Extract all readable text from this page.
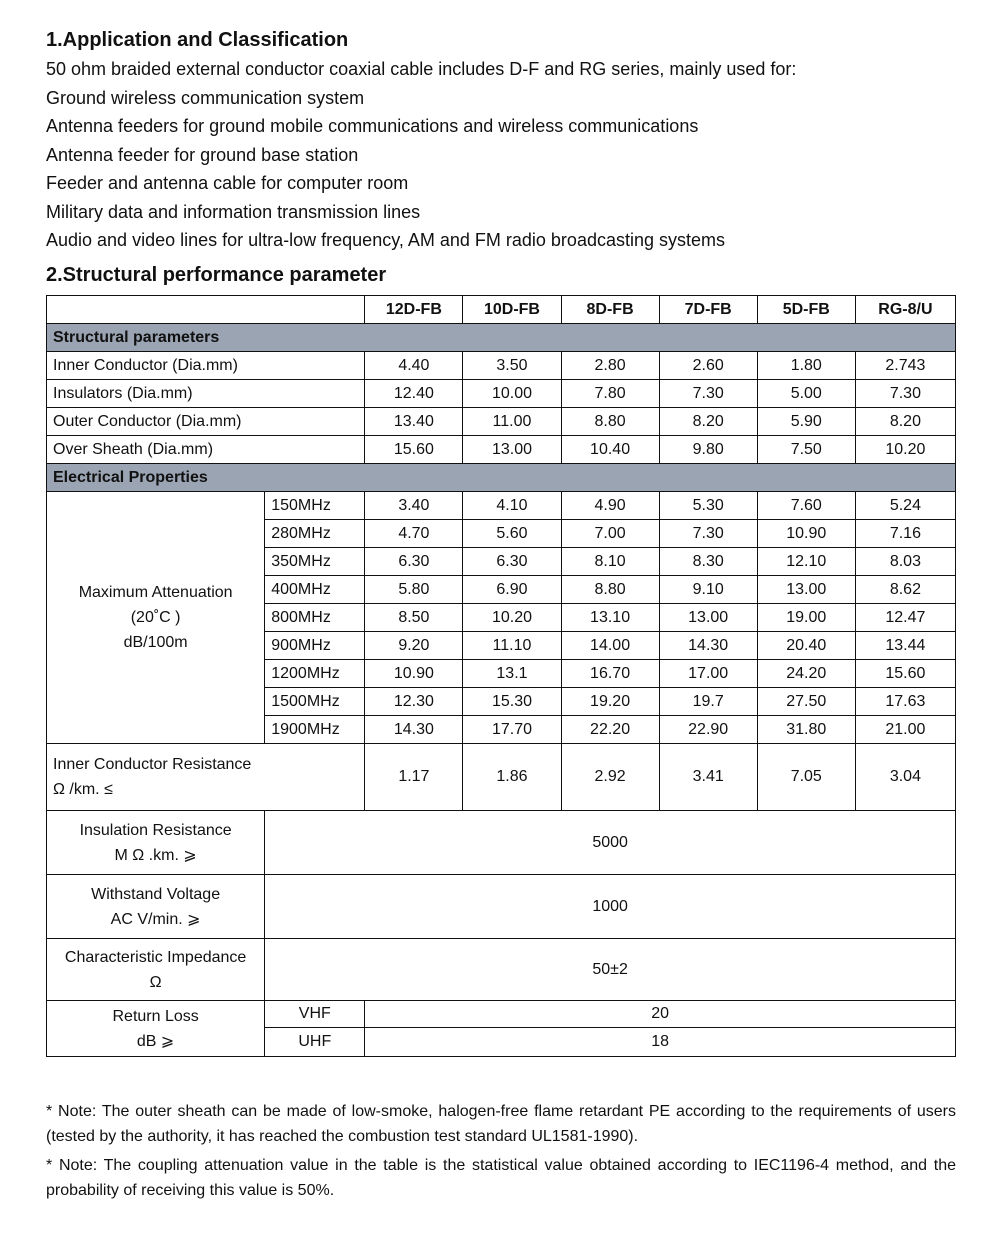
1.Application and Classification
50 ohm braided external conductor coaxial cable includes D-F and RG series, mainly used for:
Ground wireless communication system
Antenna feeders for ground mobile communications and wireless communications
Antenna feeder for ground base station
Feeder and antenna cable for computer room
Military data and information transmission lines
Audio and video lines for ultra-low frequency, AM and FM radio broadcasting systems
2.Structural performance parameter
		12D-FB	10D-FB	8D-FB	7D-FB	5D-FB	RG-8/U
Structural parameters							
Inner Conductor (Dia.mm)		4.40	3.50	2.80	2.60	1.80	2.743
Insulators (Dia.mm)		12.40	10.00	7.80	7.30	5.00	7.30
Outer Conductor (Dia.mm)		13.40	11.00	8.80	8.20	5.90	8.20
Over Sheath (Dia.mm)		15.60	13.00	10.40	9.80	7.50	10.20
Electrical Properties							

Maximum Attenuation
(20˚C )
dB/100m	150MHz	3.40	4.10	4.90	5.30	7.60	5.24
	280MHz	4.70	5.60	7.00	7.30	10.90	7.16
	350MHz	6.30	6.30	8.10	8.30	12.10	8.03
	400MHz	5.80	6.90	8.80	9.10	13.00	8.62
	800MHz	8.50	10.20	13.10	13.00	19.00	12.47
	900MHz	9.20	11.10	14.00	14.30	20.40	13.44
	1200MHz	10.90	13.1	16.70	17.00	24.20	15.60
	1500MHz	12.30	15.30	19.20	19.7	27.50	17.63
	1900MHz	14.30	17.70	22.20	22.90	31.80	21.00

Inner Conductor Resistance
Ω /km. ≤		1.17	1.86	2.92	3.41	7.05	3.04

Insulation Resistance
M Ω .km. ⩾	5000						

Withstand Voltage
AC V/min. ⩾	1000						

Characteristic Impedance
Ω	50±2						

Return Loss
dB ⩾	VHF	20					
	UHF	18					

* Note: The outer sheath can be made of low-smoke, halogen-free flame retardant PE according to the requirements of users (tested by the authority, it has reached the combustion test standard UL1581-1990).

* Note: The coupling attenuation value in the table is the statistical value obtained according to IEC1196-4 method, and the probability of receiving this value is 50%.
